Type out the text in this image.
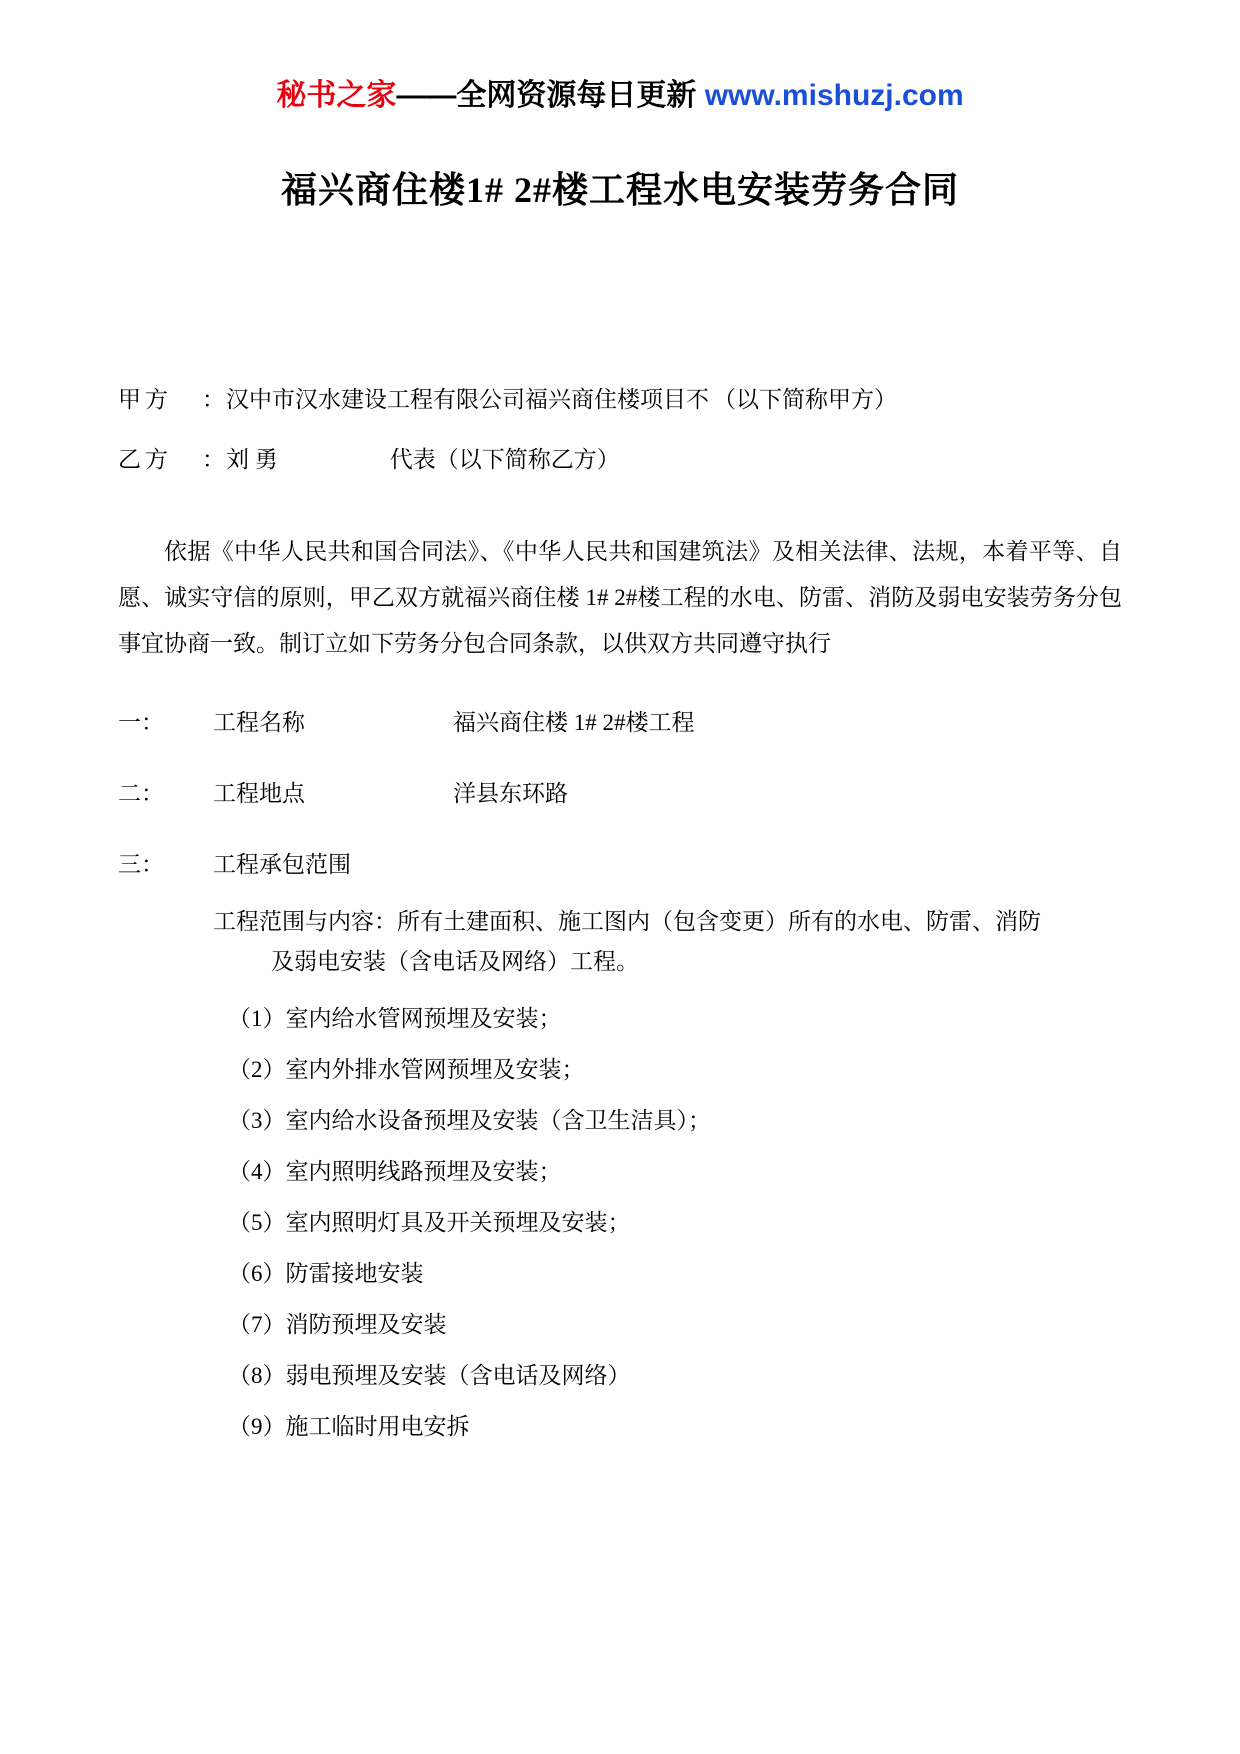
秘书之家——全网资源每日更新 www.mishuzj.com
福兴商住楼1# 2#楼工程水电安装劳务合同
甲方	： 汉中市汉水建设工程有限公司福兴商住楼项目不 （以下简称甲方）
乙方	： 刘 勇	代表（以下简称乙方）

依据《中华人民共和国合同法》、《中华人民共和国建筑法》及相关法律、法规，本着平等、自愿、诚实守信的原则，甲乙双方就福兴商住楼 1# 2#楼工程的水电、防雷、消防及弱电安装劳务分包事宜协商一致。制订立如下劳务分包合同条款，以供双方共同遵守执行

一：	工程名称	福兴商住楼 1# 2#楼工程
二：	工程地点	洋县东环路
三：	工程承包范围
工程范围与内容：所有土建面积、施工图内（包含变更）所有的水电、防雷、消防
及弱电安装（含电话及网络）工程。
（1）室内给水管网预埋及安装；
（2）室内外排水管网预埋及安装；
（3）室内给水设备预埋及安装（含卫生洁具）；
（4）室内照明线路预埋及安装；
（5）室内照明灯具及开关预埋及安装；
（6）防雷接地安装
（7）消防预埋及安装
（8）弱电预埋及安装（含电话及网络）
（9）施工临时用电安拆
